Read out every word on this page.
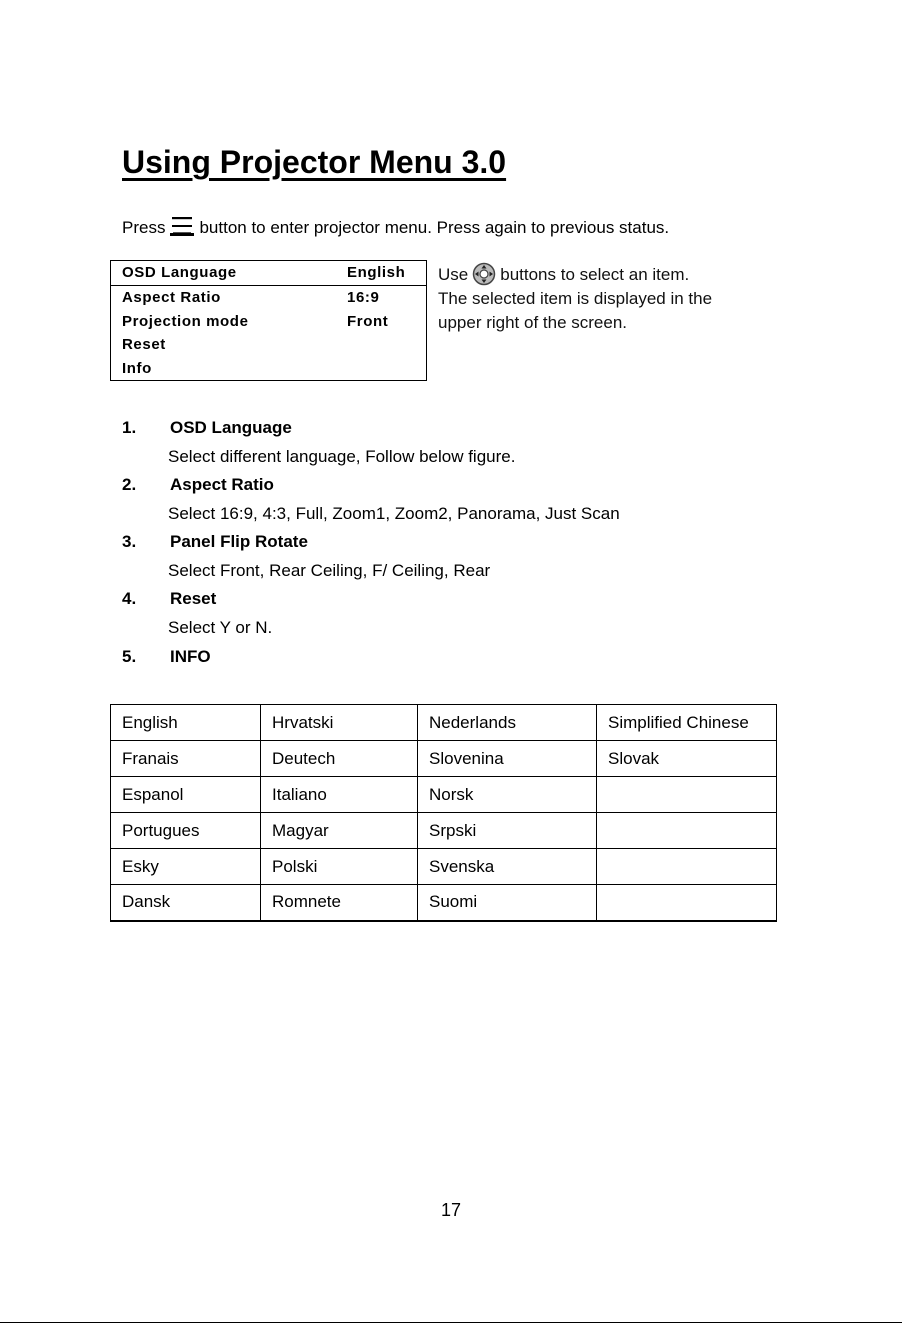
Using Projector Menu 3.0
Press button to enter projector menu. Press again to previous status.
OSD Language	English
Aspect Ratio	16:9
Projection mode	Front
Reset
Info
Use buttons to select an item.
The selected item is displayed in the
upper right of the screen.
1. OSD Language
Select different language, Follow below figure.
2. Aspect Ratio
Select 16:9, 4:3, Full, Zoom1, Zoom2, Panorama, Just Scan
3. Panel Flip Rotate
Select Front, Rear Ceiling, F/ Ceiling, Rear
4. Reset
Select Y or N.
5. INFO
English	Hrvatski	Nederlands	Simplified Chinese
Franais	Deutech	Slovenina	Slovak
Espanol	Italiano	Norsk	
Portugues	Magyar	Srpski	
Esky	Polski	Svenska	
Dansk	Romnete	Suomi	
17
